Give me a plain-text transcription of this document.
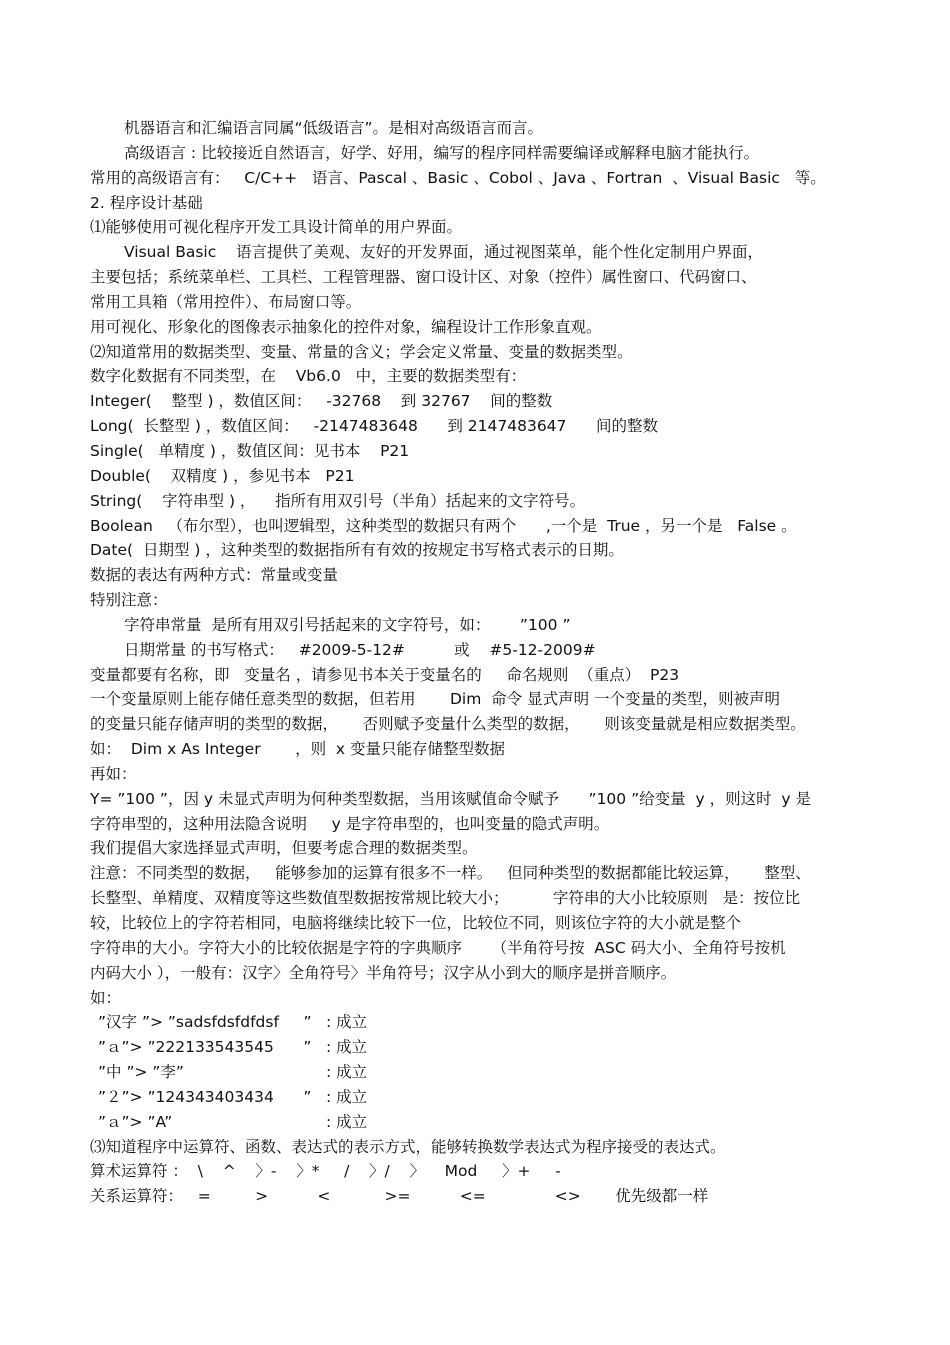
机器语言和汇编语言同属“低级语言”。是相对高级语言而言。
高级语言 : 比较接近自然语言，好学、好用，编写的程序同样需要编译或解释电脑才能执行。
常用的高级语言有：   C/C++   语言、Pascal 、Basic 、Cobol 、Java 、Fortran  、Visual Basic   等。
2. 程序设计基础
⑴能够使用可视化程序开发工具设计简单的用户界面。
Visual Basic    语言提供了美观、友好的开发界面，通过视图菜单，能个性化定制用户界面，
主要包括；系统菜单栏、工具栏、工程管理器、窗口设计区、对象（控件）属性窗口、代码窗口、
常用工具箱（常用控件）、布局窗口等。
用可视化、形象化的图像表示抽象化的控件对象，编程设计工作形象直观。
⑵知道常用的数据类型、变量、常量的含义；学会定义常量、变量的数据类型。
数字化数据有不同类型，在    Vb6.0   中，主要的数据类型有：
Integer(    整型 ) ，数值区间：   -32768    到 32767    间的整数
Long(  长整型 ) ，数值区间：   -2147483648      到 2147483647      间的整数
Single(   单精度 ) ，数值区间：见书本    P21
Double(    双精度 ) ，参见书本   P21
String(    字符串型 ) ，    指所有用双引号（半角）括起来的文字符号。
Boolean   （布尔型），也叫逻辑型，这种类型的数据只有两个      ,一个是  True ，另一个是   False 。
Date(  日期型 ) ，这种类型的数据指所有有效的按规定书写格式表示的日期。
数据的表达有两种方式：常量或变量
特别注意：
字符串常量  是所有用双引号括起来的文字符号，如：      ”100 ”
日期常量 的书写格式：   #2009-5-12#          或    #5-12-2009#
变量都要有名称，即   变量名 ，请参见书本关于变量名的     命名规则  （重点）  P23
一个变量原则上能存储任意类型的数据，但若用       Dim  命令 显式声明 一个变量的类型，则被声明
的变量只能存储声明的类型的数据，     否则赋予变量什么类型的数据，     则该变量就是相应数据类型。
如：  Dim x As Integer       ，则  x 变量只能存储整型数据
再如：
Y= ”100 ”，因 y 未显式声明为何种类型数据，当用该赋值命令赋予      ”100 ”给变量  y ，则这时  y 是
字符串型的，这种用法隐含说明     y 是字符串型的，也叫变量的隐式声明。
我们提倡大家选择显式声明，但要考虑合理的数据类型。
注意：不同类型的数据，   能够参加的运算有很多不一样。   但同种类型的数据都能比较运算，     整型、
长整型、单精度、双精度等这些数值型数据按常规比较大小；         字符串的大小比较原则   是：按位比
较，比较位上的字符若相同，电脑将继续比较下一位，比较位不同，则该位字符的大小就是整个
字符串的大小。字符大小的比较依据是字符的字典顺序      （半角符号按  ASC 码大小、全角符号按机
内码大小 ），一般有：汉字〉全角符号〉半角符号；汉字从小到大的顺序是拼音顺序。
如：

”汉字 ”> ”sadsfdsfdfdsf     ”

: 成立

”ａ”> ”222133543545      ”

: 成立

”中 ”> ”李”

	: 成立

”２”> ”124343403434      ”

: 成立

”ａ”> ”A”

	: 成立

⑶知道程序中运算符、函数、表达式的表示方式，能够转换数学表达式为程序接受的表达式。
算术运算符 ：  \    ^    〉-    〉*     /    〉/    〉    Mod     〉+     -
关系运算符：   =         >          <           >=          <=              <>       优先级都一样
